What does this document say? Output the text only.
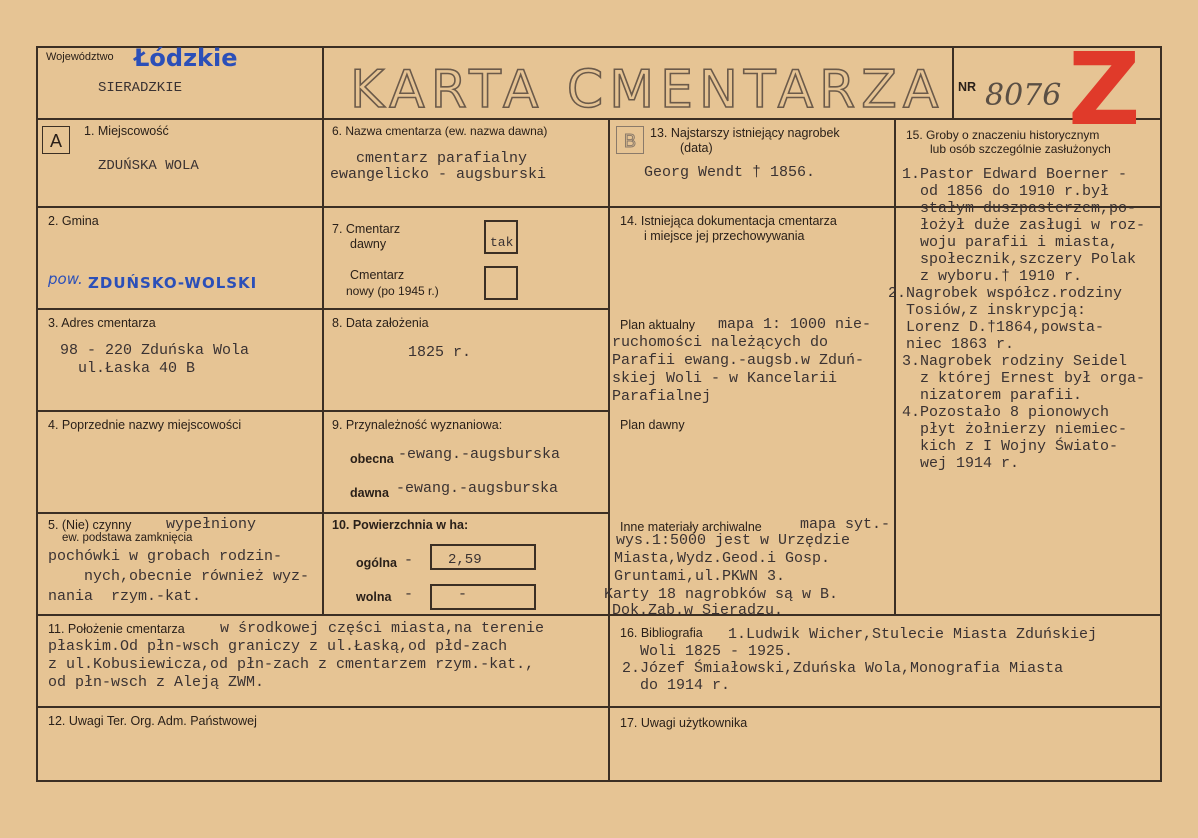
Województwo Łódzkie
SIERADZKIE	KARTA CMENTARZA NR 8076 Z
A	B
1. Miejscowość
ZDUŃSKA WOLA
2. Gmina
pow. ZDUŃSKO-WOLSKI
3. Adres cmentarza
98 - 220 Zduńska Wola
ul.Łaska 40 B
4. Poprzednie nazwy miejscowości
5. (Nie) czynny
ew. podstawa zamknięcia
wypełniony
pochówki w grobach rodzin-
nych,obecnie również wyz-
nania  rzym.-kat.
6. Nazwa cmentarza (ew. nazwa dawna)
cmentarz parafialny
ewangelicko - augsburski
7. Cmentarz
dawny	tak
Cmentarz
nowy (po 1945 r.)
8. Data założenia
1825 r.
9. Przynależność wyznaniowa:
obecna -ewang.-augsburska
dawna -ewang.-augsburska
10. Powierzchnia w ha:
ogólna - 2,59
wolna -	-
11. Położenie cmentarza w środkowej części miasta,na terenie
płaskim.Od płn-wsch graniczy z ul.Łaską,od płd-zach
z ul.Kobusiewicza,od płn-zach z cmentarzem rzym.-kat.,
od płn-wsch z Aleją ZWM.
12. Uwagi Ter. Org. Adm. Państwowej
13. Najstarszy istniejący nagrobek
(data)
Georg Wendt † 1856.
14. Istniejąca dokumentacja cmentarza
i miejsce jej przechowywania
Plan aktualny mapa 1: 1000 nie-
ruchomości należących do
Parafii ewang.-augsb.w Zduń-
skiej Woli - w Kancelarii
Parafialnej
Plan dawny
Inne materiały archiwalne	mapa syt.-
wys.1:5000 jest w Urzędzie
Miasta,Wydz.Geod.i Gosp.
Gruntami,ul.PKWN 3.
Karty 18 nagrobków są w B.
Dok.Zab.w Sieradzu.
15. Groby o znaczeniu historycznym
lub osób szczególnie zasłużonych
1.Pastor Edward Boerner -
od 1856 do 1910 r.był
stałym duszpasterzem,po-
łożył duże zasługi w roz-
woju parafii i miasta,
społecznik,szczery Polak
z wyboru.† 1910 r.
2.Nagrobek współcz.rodziny
Tosiów,z inskrypcją:
Lorenz D.†1864,powsta-
niec 1863 r.
3.Nagrobek rodziny Seidel
z której Ernest był orga-
nizatorem parafii.
4.Pozostało 8 pionowych
płyt żołnierzy niemiec-
kich z I Wojny Świato-
wej 1914 r.
16. Bibliografia 1.Ludwik Wicher,Stulecie Miasta Zduńskiej
Woli 1825 - 1925.
2.Józef Śmiałowski,Zduńska Wola,Monografia Miasta
do 1914 r.
17. Uwagi użytkownika
